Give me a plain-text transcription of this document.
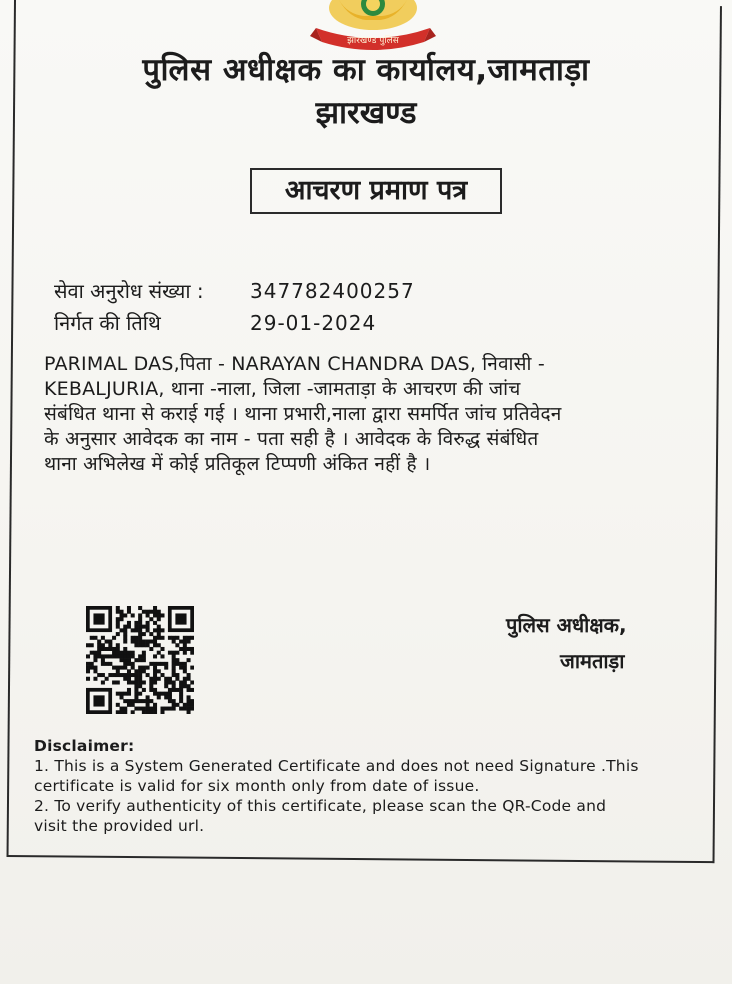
झारखण्ड पुलिस
पुलिस अधीक्षक का कार्यालय,जामताड़ा
झारखण्ड
आचरण प्रमाण पत्र
सेवा अनुरोध संख्या : 347782400257
निर्गत की तिथि	29-01-2024
PARIMAL DAS,पिता - NARAYAN CHANDRA DAS, निवासी -
KEBALJURIA, थाना -नाला, जिला -जामताड़ा के आचरण की जांच
संबंधित थाना से कराई गई । थाना प्रभारी,नाला द्वारा समर्पित जांच प्रतिवेदन
के अनुसार आवेदक का नाम - पता सही है । आवेदक के विरुद्ध संबंधित
थाना अभिलेख में कोई प्रतिकूल टिप्पणी अंकित नहीं है ।
पुलिस अधीक्षक,
जामताड़ा
Disclaimer:
1. This is a System Generated Certificate and does not need Signature .This
certificate is valid for six month only from date of issue.
2. To verify authenticity of this certificate, please scan the QR-Code and
visit the provided url.
